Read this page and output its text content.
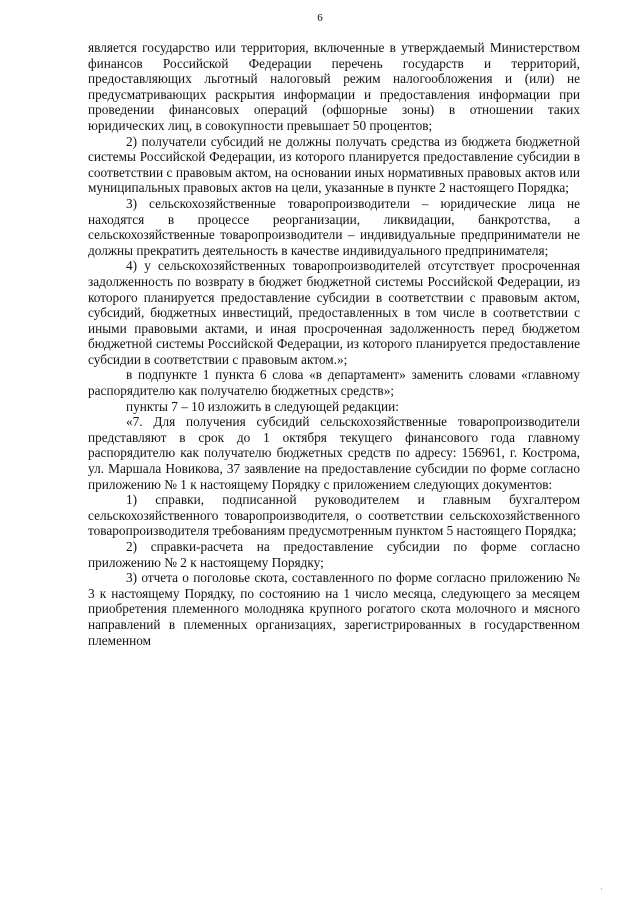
6

является государство или территория, включенные в утверждаемый Министерством финансов Российской Федерации перечень государств и территорий, предоставляющих льготный налоговый режим налогообложения и (или) не предусматривающих раскрытия информации и предоставления информации при проведении финансовых операций (офшорные зоны) в отношении таких юридических лиц, в совокупности превышает 50 процентов;

2) получатели субсидий не должны получать средства из бюджета бюджетной системы Российской Федерации, из которого планируется предоставление субсидии в соответствии с правовым актом, на основании иных нормативных правовых актов или муниципальных правовых актов на цели, указанные в пункте 2 настоящего Порядка;

3) сельскохозяйственные товаропроизводители – юридические лица не находятся в процессе реорганизации, ликвидации, банкротства, а сельскохозяйственные товаропроизводители – индивидуальные предприниматели не должны прекратить деятельность в качестве индивидуального предпринимателя;

4) у сельскохозяйственных товаропроизводителей отсутствует просроченная задолженность по возврату в бюджет бюджетной системы Российской Федерации, из которого планируется предоставление субсидии в соответствии с правовым актом, субсидий, бюджетных инвестиций, предоставленных в том числе в соответствии с иными правовыми актами, и иная просроченная задолженность перед бюджетом бюджетной системы Российской Федерации, из которого планируется предоставление субсидии в соответствии с правовым актом.»;

в подпункте 1 пункта 6 слова «в департамент» заменить словами «главному распорядителю как получателю бюджетных средств»;

пункты 7 – 10 изложить в следующей редакции:

«7. Для получения субсидий сельскохозяйственные товаропроизводители представляют в срок до 1 октября текущего финансового года главному распорядителю как получателю бюджетных средств по адресу: 156961, г. Кострома, ул. Маршала Новикова, 37 заявление на предоставление субсидии по форме согласно приложению № 1 к настоящему Порядку с приложением следующих документов:

1) справки, подписанной руководителем и главным бухгалтером сельскохозяйственного товаропроизводителя, о соответствии сельскохозяйственного товаропроизводителя требованиям предусмотренным пунктом 5 настоящего Порядка;

2) справки-расчета на предоставление субсидии по форме согласно приложению № 2 к настоящему Порядку;

3) отчета о поголовье скота, составленного по форме согласно приложению № 3 к настоящему Порядку, по состоянию на 1 число месяца, следующего за месяцем приобретения племенного молодняка крупного рогатого скота молочного и мясного направлений в племенных организациях, зарегистрированных в государственном племенном

·
